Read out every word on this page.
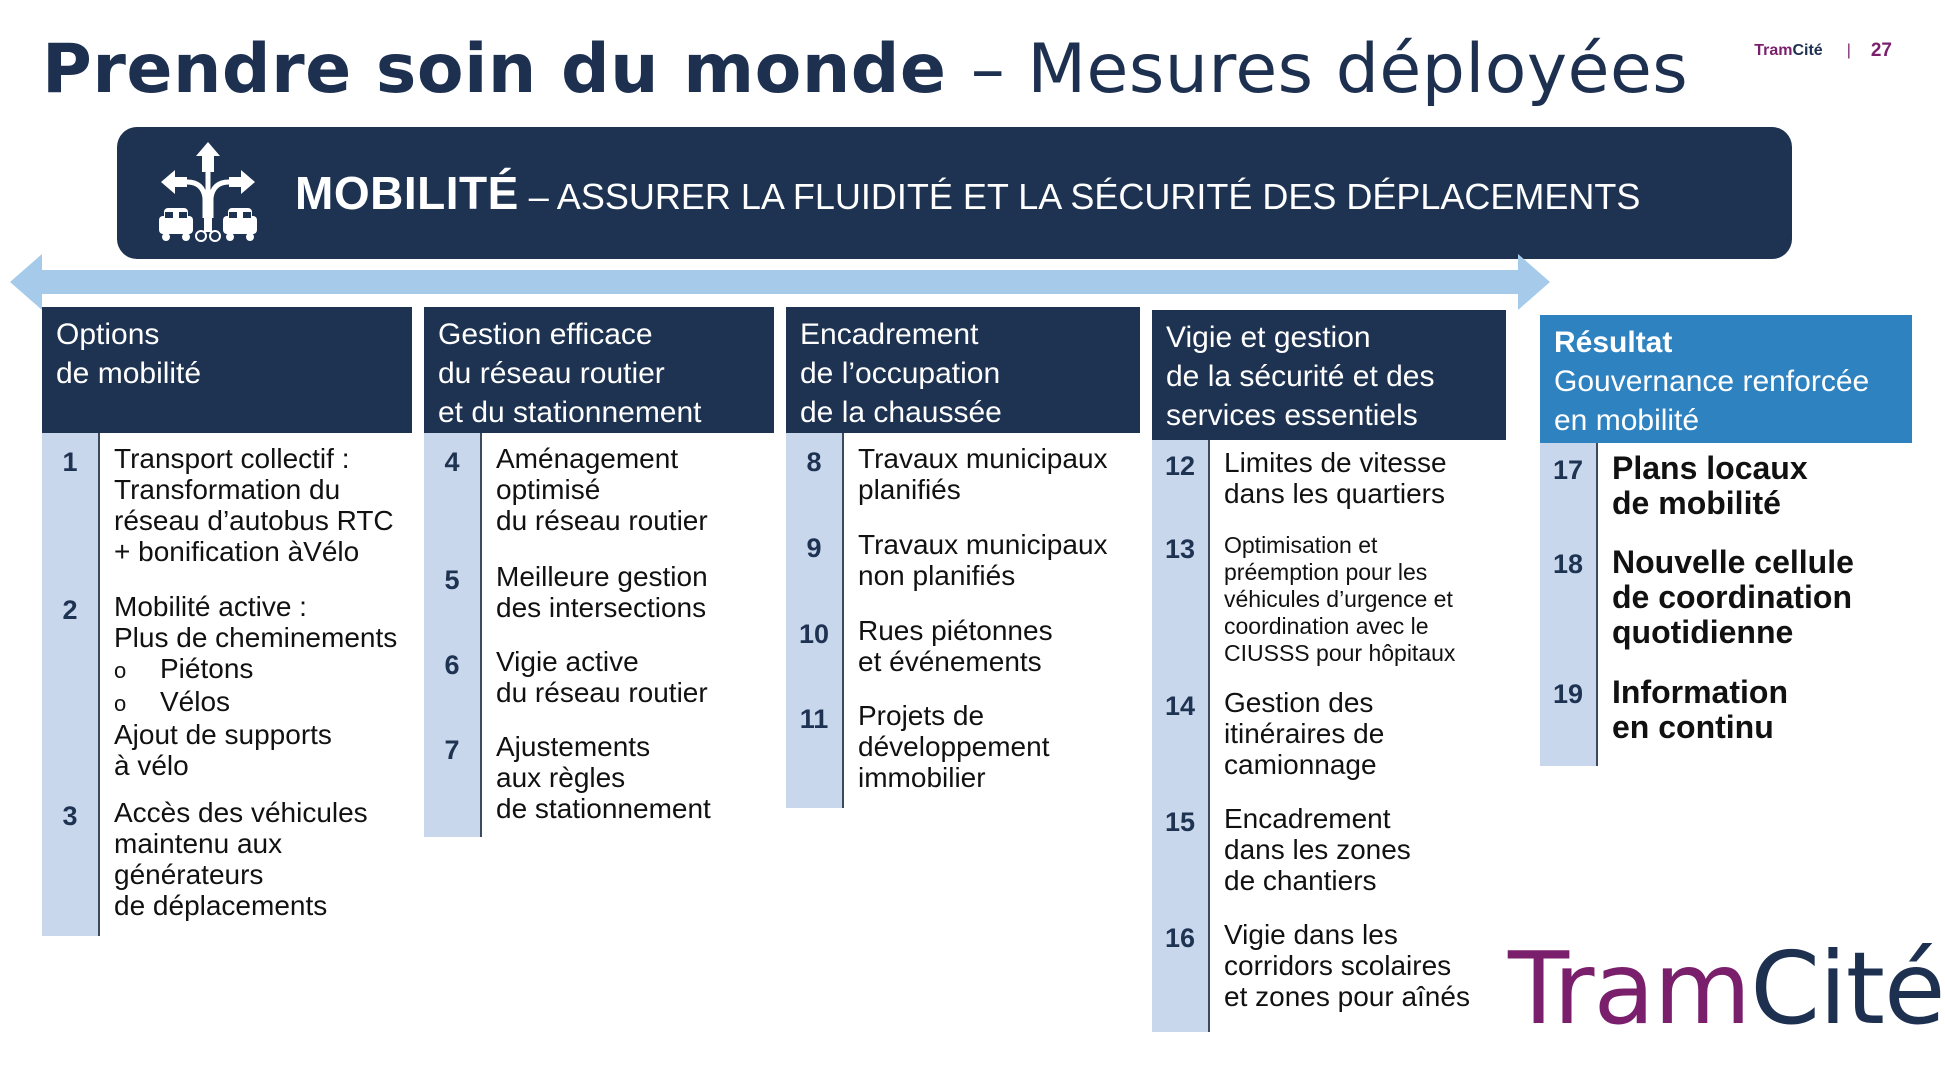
Prendre soin du monde – Mesures déployées	TramCité | 27
MOBILITÉ – ASSURER LA FLUIDITÉ ET LA SÉCURITÉ DES DÉPLACEMENTS
Options
de mobilité
1	Transport collectif :
Transformation du
réseau d’autobus RTC
+ bonification àVélo
2	Mobilité active :
Plus de cheminements
o Piétons
o Vélos
Ajout de supports
à vélo
3	Accès des véhicules
maintenu aux
générateurs
de déplacements
Gestion efficace
du réseau routier
et du stationnement
4	Aménagement
optimisé
du réseau routier
5	Meilleure gestion
des intersections
6	Vigie active
du réseau routier
7	Ajustements
aux règles
de stationnement
Encadrement
de l’occupation
de la chaussée
8	Travaux municipaux
planifiés
9	Travaux municipaux
non planifiés
10	Rues piétonnes
et événements
11	Projets de
développement
immobilier
Vigie et gestion
de la sécurité et des
services essentiels
12	Limites de vitesse
dans les quartiers
13	Optimisation et
préemption pour les
véhicules d’urgence et
coordination avec le
CIUSSS pour hôpitaux
14	Gestion des
itinéraires de
camionnage
15	Encadrement
dans les zones
de chantiers
16	Vigie dans les
corridors scolaires
et zones pour aînés
Résultat
Gouvernance renforcée
en mobilité
17 Plans locaux
de mobilité
18 Nouvelle cellule
de coordination
quotidienne
19 Information
en continu
TramCité
